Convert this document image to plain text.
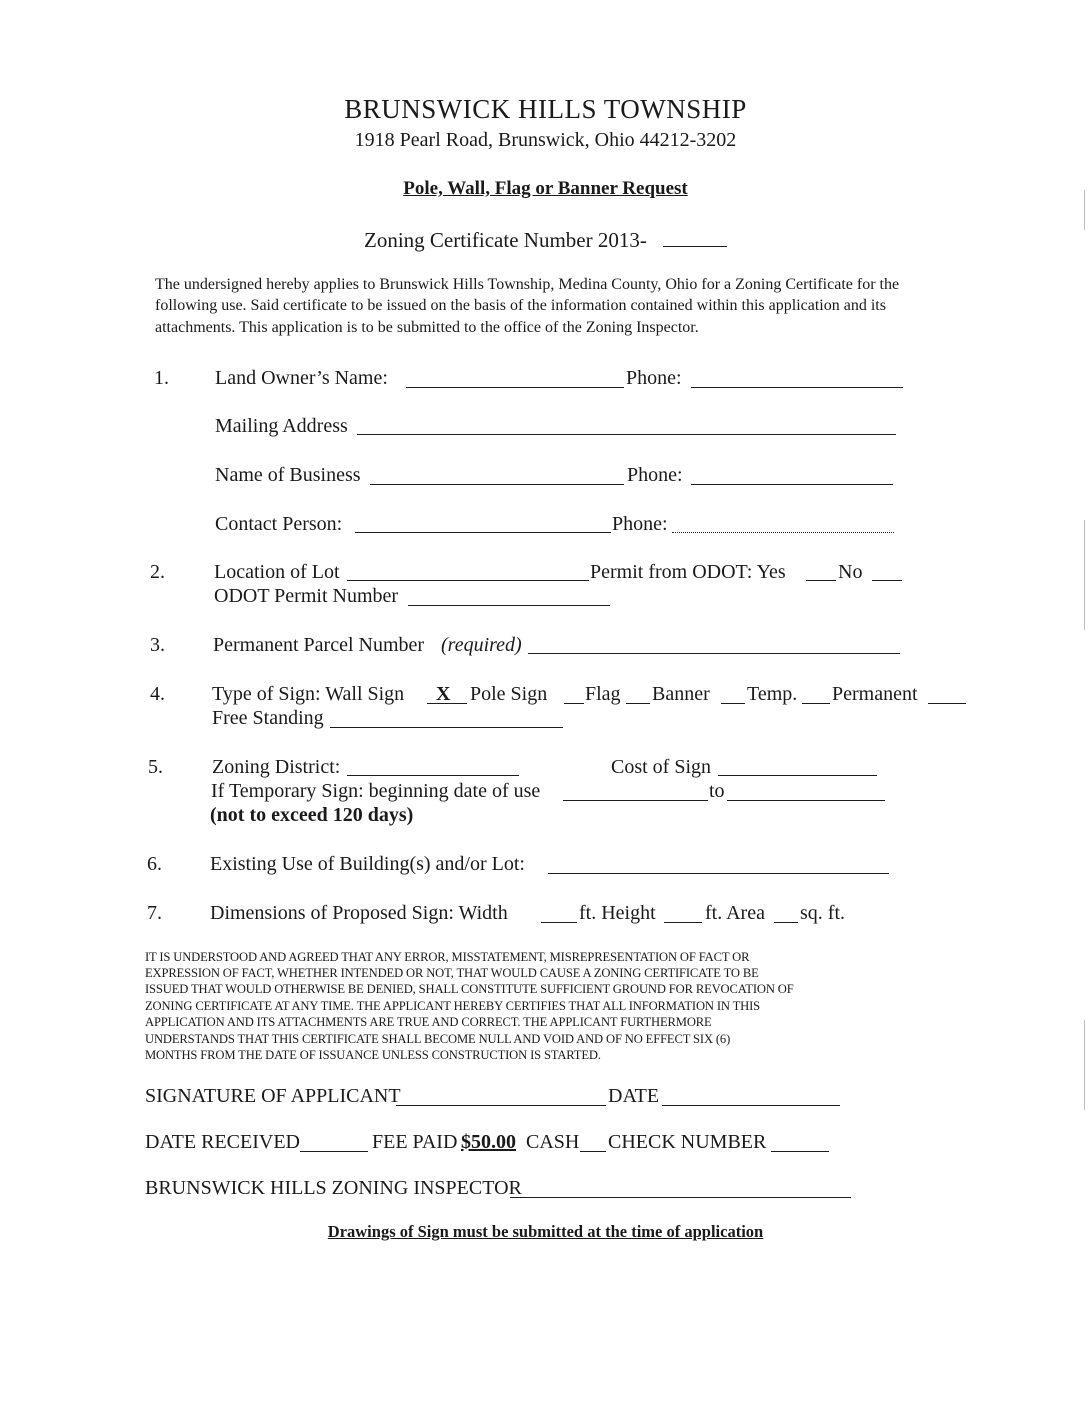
BRUNSWICK HILLS TOWNSHIP
1918 Pearl Road, Brunswick, Ohio 44212-3202
Pole, Wall, Flag or Banner Request
Zoning Certificate Number 2013-
The undersigned hereby applies to Brunswick Hills Township, Medina County, Ohio for a Zoning Certificate for the
following use. Said certificate to be issued on the basis of the information contained within this application and its
attachments. This application is to be submitted to the office of the Zoning Inspector.
1. Land Owner’s Name:	Phone:
Mailing Address
Name of Business	Phone:
Contact Person:	Phone:
2. Location of Lot	Permit from ODOT: Yes	No
ODOT Permit Number
3. Permanent Parcel Number (required)
4. Type of Sign: Wall Sign X Pole Sign Flag Banner Temp. Permanent
Free Standing
5. Zoning District:	Cost of Sign
If Temporary Sign: beginning date of use	to
(not to exceed 120 days)
6. Existing Use of Building(s) and/or Lot:
7. Dimensions of Proposed Sign: Width	ft. Height ft. Area sq. ft.
IT IS UNDERSTOOD AND AGREED THAT ANY ERROR, MISSTATEMENT, MISREPRESENTATION OF FACT OR
EXPRESSION OF FACT, WHETHER INTENDED OR NOT, THAT WOULD CAUSE A ZONING CERTIFICATE TO BE
ISSUED THAT WOULD OTHERWISE BE DENIED, SHALL CONSTITUTE SUFFICIENT GROUND FOR REVOCATION OF
ZONING CERTIFICATE AT ANY TIME. THE APPLICANT HEREBY CERTIFIES THAT ALL INFORMATION IN THIS
APPLICATION AND ITS ATTACHMENTS ARE TRUE AND CORRECT. THE APPLICANT FURTHERMORE
UNDERSTANDS THAT THIS CERTIFICATE SHALL BECOME NULL AND VOID AND OF NO EFFECT SIX (6)
MONTHS FROM THE DATE OF ISSUANCE UNLESS CONSTRUCTION IS STARTED.
SIGNATURE OF APPLICANT	DATE
DATE RECEIVED	FEE PAID $50.00 CASH CHECK NUMBER
BRUNSWICK HILLS ZONING INSPECTOR
Drawings of Sign must be submitted at the time of application
